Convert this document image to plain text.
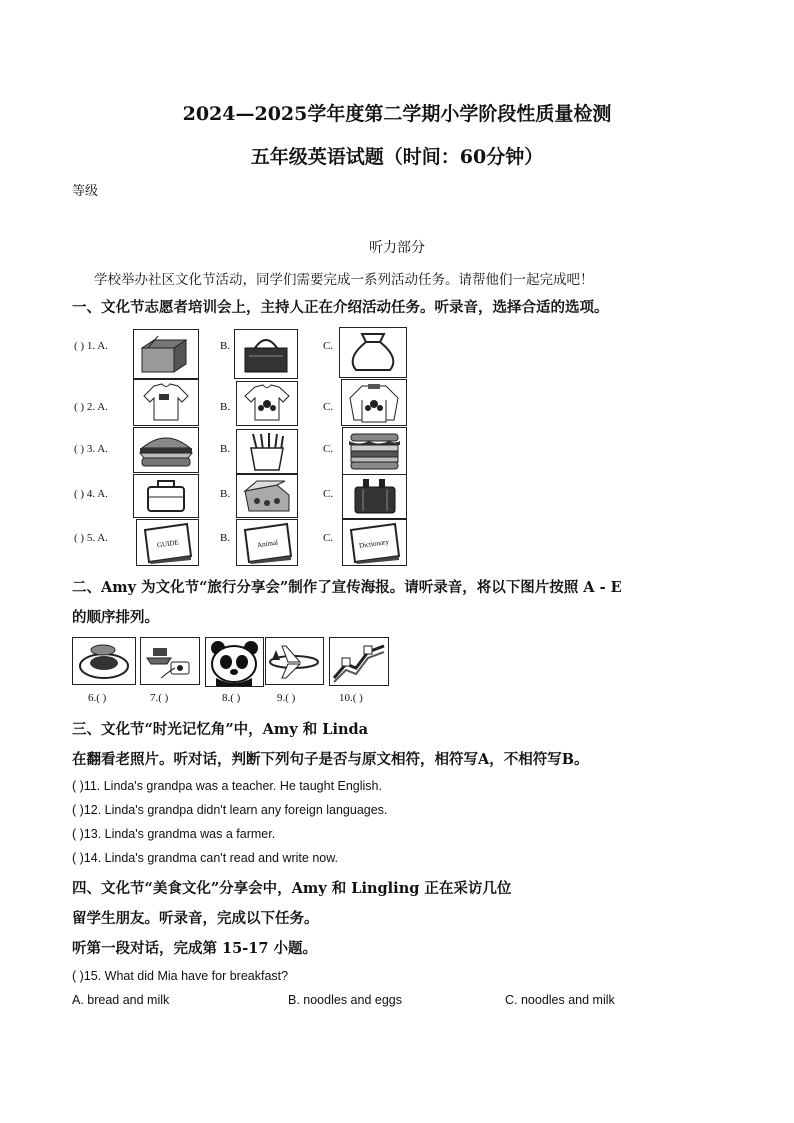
2024—2025学年度第二学期小学阶段性质量检测
五年级英语试题（时间：60分钟）
等级
听力部分
学校举办社区文化节活动，同学们需要完成一系列活动任务。请帮他们一起完成吧！
一、文化节志愿者培训会上，主持人正在介绍活动任务。听录音，选择合适的选项。
( ) 1. A.	B.	C.
( ) 2. A.	B.	C.
( ) 3. A.	B.	C.
( ) 4. A.	B.	C.
( ) 5. A.	GUIDE	B.	Animal	C.	Dictionary
二、Amy 为文化节“旅行分享会”制作了宣传海报。请听录音，将以下图片按照 A - E
的顺序排列。
6.( )	7.( )	8.( )	9.( )	10.( )
三、文化节“时光记忆角”中，Amy 和 Linda
在翻看老照片。听对话，判断下列句子是否与原文相符，相符写A，不相符写B。
( )11. Linda's grandpa was a teacher. He taught English.
( )12. Linda's grandpa didn't learn any foreign languages.
( )13. Linda's grandma was a farmer.
( )14. Linda's grandma can't read and write now.
四、文化节“美食文化”分享会中，Amy 和 Lingling 正在采访几位
留学生朋友。听录音，完成以下任务。
听第一段对话，完成第 15-17 小题。
( )15. What did Mia have for breakfast?
A. bread and milk	B. noodles and eggs	C. noodles and milk
